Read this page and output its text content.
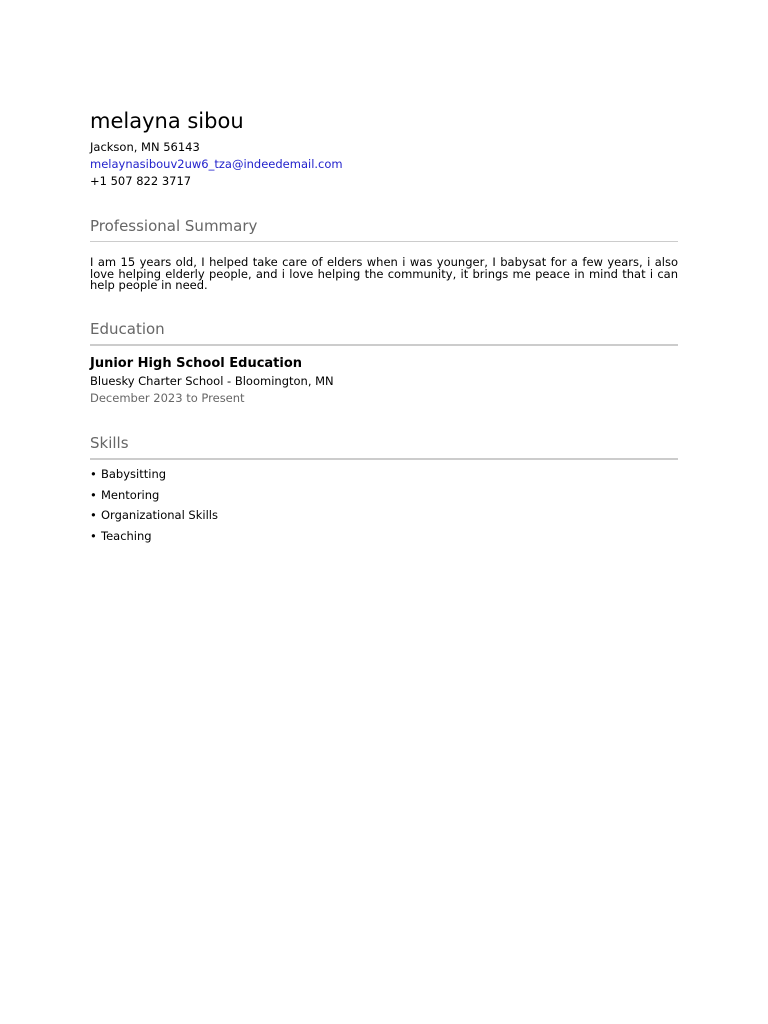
melayna sibou
Jackson, MN 56143
melaynasibouv2uw6_tza@indeedemail.com
+1 507 822 3717
Professional Summary

I am 15 years old, I helped take care of elders when i was younger, I babysat for a few years, i also love helping elderly people, and i love helping the community, it brings me peace in mind that i can help people in need.

Education
Junior High School Education
Bluesky Charter School - Bloomington, MN
December 2023 to Present
Skills
• Babysitting
• Mentoring
• Organizational Skills
• Teaching
